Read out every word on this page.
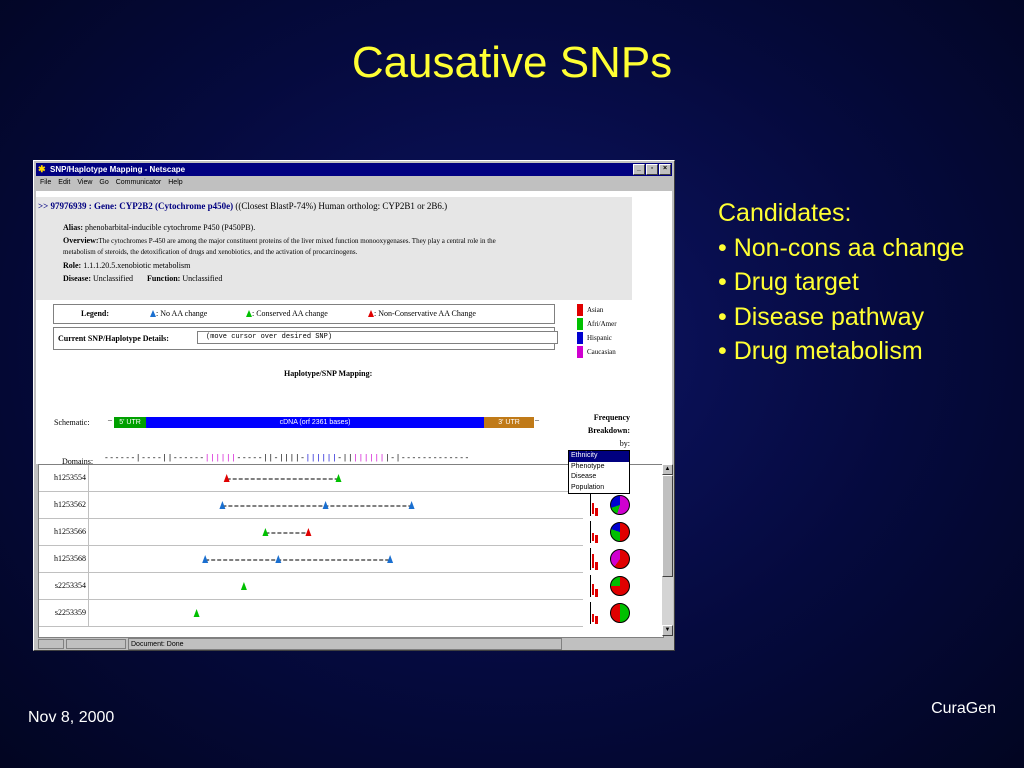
Causative SNPs
Candidates:
• Non-cons aa change
• Drug target
• Disease pathway
• Drug metabolism
Nov 8, 2000
CuraGen
✱ SNP/Haplotype Mapping - Netscape	_	▫	×
File Edit View Go Communicator Help
>> 97976939 : Gene: CYP2B2 (Cytochrome p450e) ((Closest BlastP-74%) Human ortholog: CYP2B1 or 2B6.)
Alias: phenobarbital-inducible cytochrome P450 (P450PB).
Overview:The cytochromes P-450 are among the major constituent proteins of the liver mixed function monooxygenases. They play a central role in the
metabolism of steroids, the detoxification of drugs and xenobiotics, and the activation of procarcinogens.
Role: 1.1.1.20.5.xenobiotic metabolism
Disease: Unclassified Function: Unclassified
Legend:	: No AA change	: Conserved AA change	: Non-Conservative AA Change
Current SNP/Haplotype Details:	(move cursor over desired SNP)
Asian
Afri/Amer
Hispanic
Caucasian
Haplotype/SNP Mapping:
Schematic: –	5' UTR	cDNA (orf 2361 bases)	3' UTR	–	Frequency
Breakdown:
by:
Domains: ------|----||------||||||-----||-||||-||||||-|||||||||-|-------------	Ethnicity
Phenotype
Disease
Population
h1253554
h1253562
h1253566
h1253568
s2253354
s2253359
▲
▼
Document: Done
